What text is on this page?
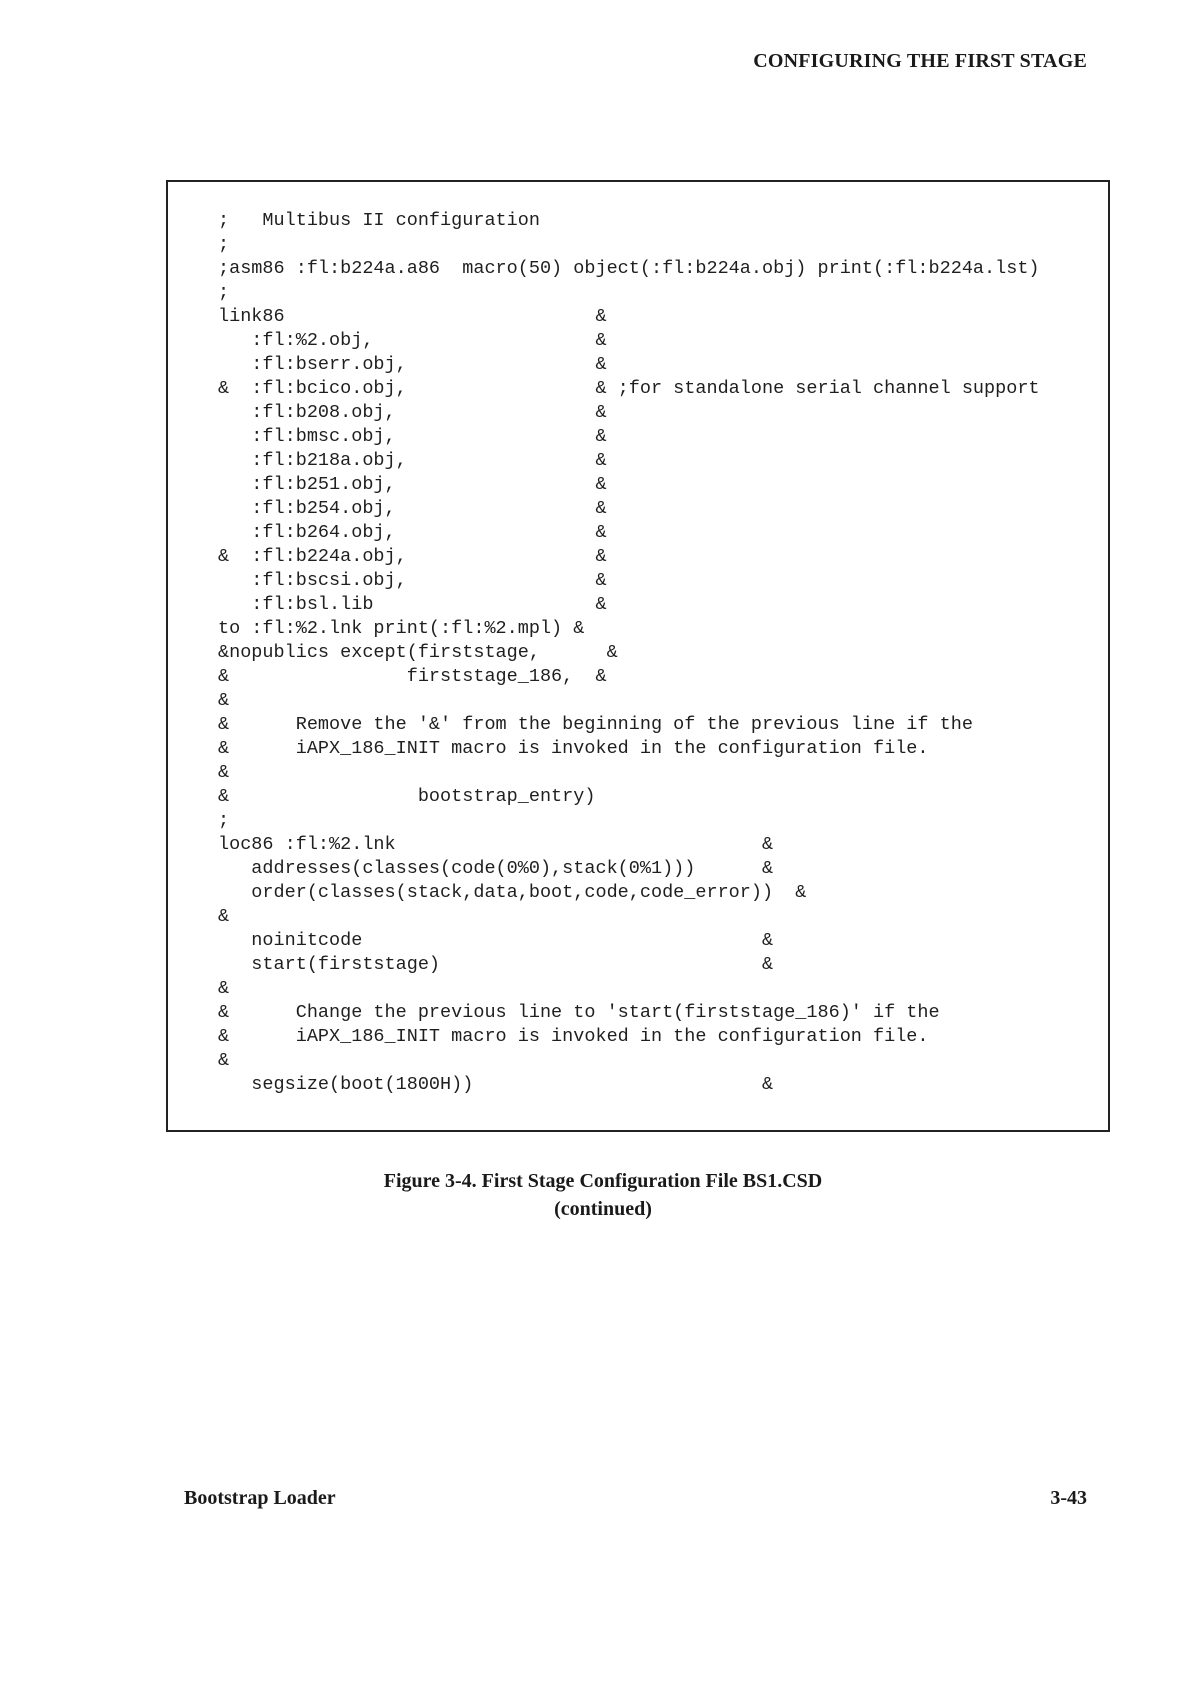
CONFIGURING THE FIRST STAGE
;   Multibus II configuration
;
;asm86 :fl:b224a.a86  macro(50) object(:fl:b224a.obj) print(:fl:b224a.lst)
;
link86                            &
:fl:%2.obj,                    &
:fl:bserr.obj,                 &
&  :fl:bcico.obj,                 & ;for standalone serial channel support
:fl:b208.obj,                  &
:fl:bmsc.obj,                  &
:fl:b218a.obj,                 &
:fl:b251.obj,                  &
:fl:b254.obj,                  &
:fl:b264.obj,                  &
&  :fl:b224a.obj,                 &
:fl:bscsi.obj,                 &
:fl:bsl.lib                    &
to :fl:%2.lnk print(:fl:%2.mpl) &
&nopublics except(firststage,      &
&                firststage_186,  &
&
&      Remove the '&' from the beginning of the previous line if the
&      iAPX_186_INIT macro is invoked in the configuration file.
&
&                 bootstrap_entry)
;
loc86 :fl:%2.lnk                                 &
addresses(classes(code(0%0),stack(0%1)))      &
order(classes(stack,data,boot,code,code_error))  &
&
noinitcode                                    &
start(firststage)                             &
&
&      Change the previous line to 'start(firststage_186)' if the
&      iAPX_186_INIT macro is invoked in the configuration file.
&
segsize(boot(1800H))                          &
Figure 3-4. First Stage Configuration File BS1.CSD
(continued)
Bootstrap Loader	3-43
